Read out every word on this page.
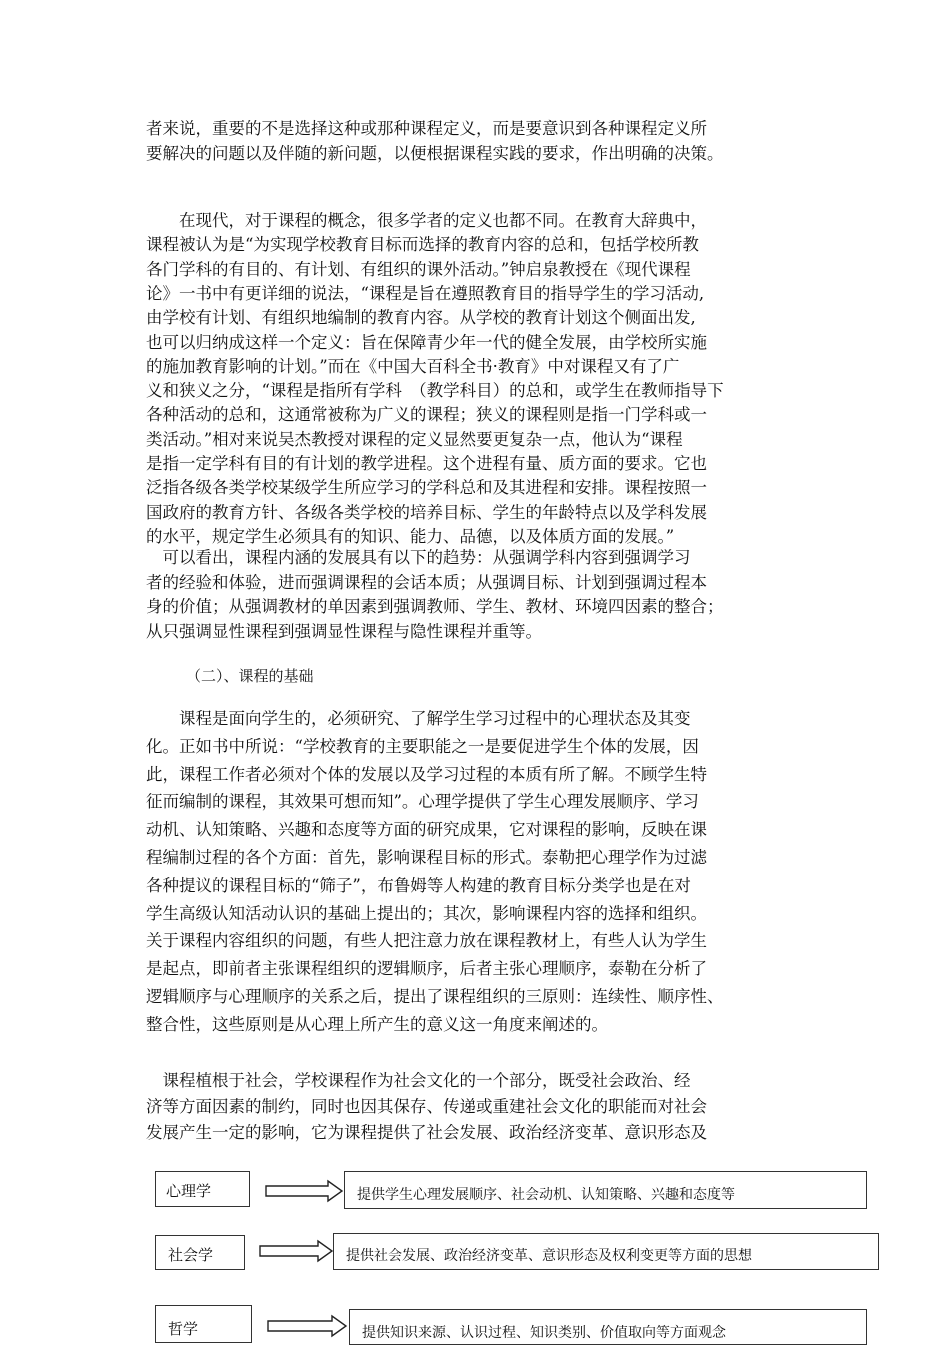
者来说，重要的不是选择这种或那种课程定义，而是要意识到各种课程定义所
要解决的问题以及伴随的新问题，以便根据课程实践的要求，作出明确的决策。
　　在现代，对于课程的概念，很多学者的定义也都不同。在教育大辞典中，
课程被认为是“为实现学校教育目标而选择的教育内容的总和，包括学校所教
各门学科的有目的、有计划、有组织的课外活动。”钟启泉教授在《现代课程
论》一书中有更详细的说法，“课程是旨在遵照教育目的指导学生的学习活动,
由学校有计划、有组织地编制的教育内容。从学校的教育计划这个侧面出发,
也可以归纳成这样一个定义：旨在保障青少年一代的健全发展，由学校所实施
的施加教育影响的计划。”而在《中国大百科全书·教育》中对课程又有了广
义和狭义之分，“课程是指所有学科　（教学科目）的总和，或学生在教师指导下
各种活动的总和，这通常被称为广义的课程；狭义的课程则是指一门学科或一
类活动。”相对来说吴杰教授对课程的定义显然要更复杂一点，他认为“课程
是指一定学科有目的有计划的教学进程。这个进程有量、质方面的要求。它也
泛指各级各类学校某级学生所应学习的学科总和及其进程和安排。课程按照一
国政府的教育方针、各级各类学校的培养目标、学生的年龄特点以及学科发展
的水平，规定学生必须具有的知识、能力、品德，以及体质方面的发展。”
　可以看出，课程内涵的发展具有以下的趋势：从强调学科内容到强调学习
者的经验和体验，进而强调课程的会话本质；从强调目标、计划到强调过程本
身的价值；从强调教材的单因素到强调教师、学生、教材、环境四因素的整合；
从只强调显性课程到强调显性课程与隐性课程并重等。
（二）、课程的基础
　　课程是面向学生的，必须研究、了解学生学习过程中的心理状态及其变
化。正如书中所说：“学校教育的主要职能之一是要促进学生个体的发展，因
此，课程工作者必须对个体的发展以及学习过程的本质有所了解。不顾学生特
征而编制的课程，其效果可想而知”。心理学提供了学生心理发展顺序、学习
动机、认知策略、兴趣和态度等方面的研究成果，它对课程的影响，反映在课
程编制过程的各个方面：首先，影响课程目标的形式。泰勒把心理学作为过滤
各种提议的课程目标的“筛子”，布鲁姆等人构建的教育目标分类学也是在对
学生高级认知活动认识的基础上提出的；其次，影响课程内容的选择和组织。
关于课程内容组织的问题，有些人把注意力放在课程教材上，有些人认为学生
是起点，即前者主张课程组织的逻辑顺序，后者主张心理顺序，泰勒在分析了
逻辑顺序与心理顺序的关系之后，提出了课程组织的三原则：连续性、顺序性、
整合性，这些原则是从心理上所产生的意义这一角度来阐述的。
　课程植根于社会，学校课程作为社会文化的一个部分，既受社会政治、经
济等方面因素的制约，同时也因其保存、传递或重建社会文化的职能而对社会
发展产生一定的影响，它为课程提供了社会发展、政治经济变革、意识形态及
心理学	提供学生心理发展顺序、社会动机、认知策略、兴趣和态度等
社会学	提供社会发展、政治经济变革、意识形态及权利变更等方面的思想
哲学	提供知识来源、认识过程、知识类别、价值取向等方面观念
